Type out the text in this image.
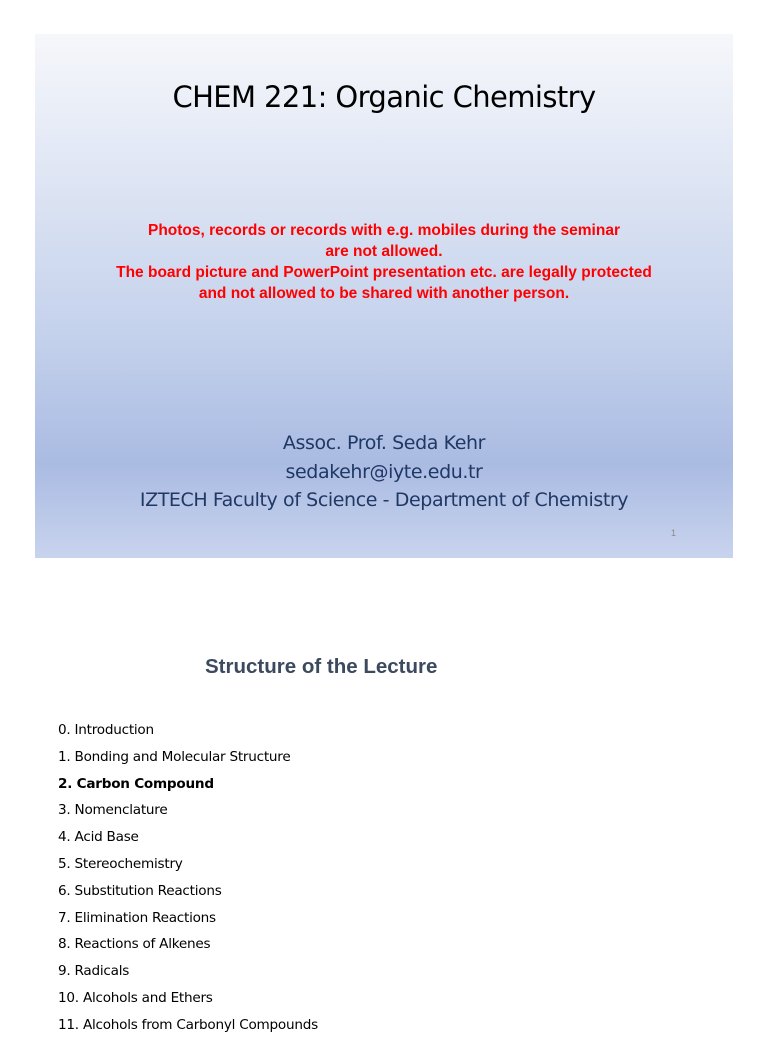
CHEM 221: Organic Chemistry
Photos, records or records with e.g. mobiles during the seminar
are not allowed.
The board picture and PowerPoint presentation etc. are legally protected
and not allowed to be shared with another person.
Assoc. Prof. Seda Kehr
sedakehr@iyte.edu.tr
IZTECH Faculty of Science - Department of Chemistry
1
Structure of the Lecture
0. Introduction
1. Bonding and Molecular Structure
2. Carbon Compound
3. Nomenclature
4. Acid Base
5. Stereochemistry
6. Substitution Reactions
7. Elimination Reactions
8. Reactions of Alkenes
9. Radicals
10. Alcohols and Ethers
11. Alcohols from Carbonyl Compounds
